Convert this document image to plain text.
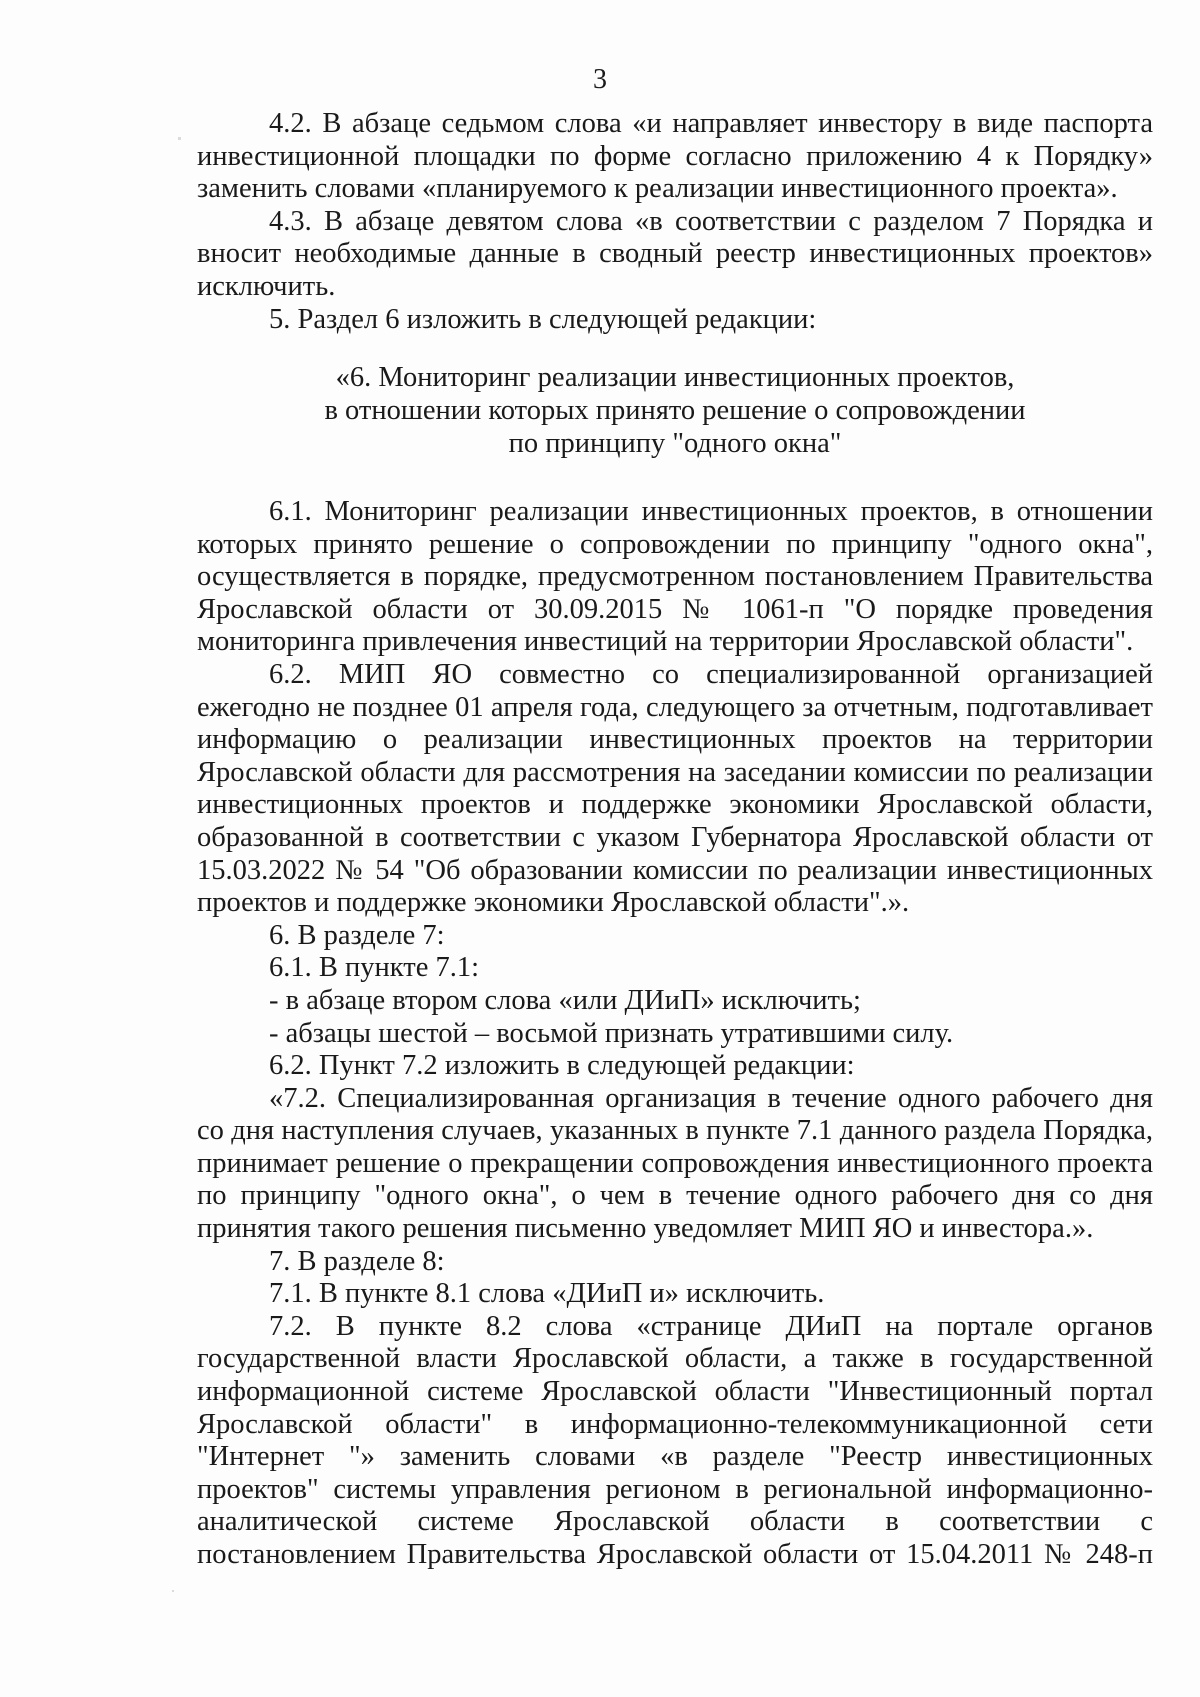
3

4.2. В абзаце седьмом слова «и направляет инвестору в виде паспорта инвестиционной площадки по форме согласно приложению 4 к Порядку» заменить словами «планируемого к реализации инвестиционного проекта».

4.3. В абзаце девятом слова «в соответствии с разделом 7 Порядка и вносит необходимые данные в сводный реестр инвестиционных проектов» исключить.

5. Раздел 6 изложить в следующей редакции:

«6. Мониторинг реализации инвестиционных проектов,
в отношении которых принято решение о сопровождении
по принципу "одного окна"

6.1. Мониторинг реализации инвестиционных проектов, в отношении которых принято решение о сопровождении по принципу "одного окна", осуществляется в порядке, предусмотренном постановлением Правительства Ярославской области от 30.09.2015 № 1061-п "О порядке проведения мониторинга привлечения инвестиций на территории Ярославской области".

6.2. МИП ЯО совместно со специализированной организацией ежегодно не позднее 01 апреля года, следующего за отчетным, подготавливает информацию о реализации инвестиционных проектов на территории Ярославской области для рассмотрения на заседании комиссии по реализации инвестиционных проектов и поддержке экономики Ярославской области, образованной в соответствии с указом Губернатора Ярославской области от 15.03.2022 № 54 "Об образовании комиссии по реализации инвестиционных проектов и поддержке экономики Ярославской области".».

6. В разделе 7:

6.1. В пункте 7.1:

- в абзаце втором слова «или ДИиП» исключить;

- абзацы шестой – восьмой признать утратившими силу.

6.2. Пункт 7.2 изложить в следующей редакции:

«7.2. Специализированная организация в течение одного рабочего дня со дня наступления случаев, указанных в пункте 7.1 данного раздела Порядка, принимает решение о прекращении сопровождения инвестиционного проекта по принципу "одного окна", о чем в течение одного рабочего дня со дня принятия такого решения письменно уведомляет МИП ЯО и инвестора.».

7. В разделе 8:

7.1. В пункте 8.1 слова «ДИиП и» исключить.

7.2. В пункте 8.2 слова «странице ДИиП на портале органов государственной власти Ярославской области, а также в государственной информационной системе Ярославской области "Инвестиционный портал Ярославской области" в информационно-телекоммуникационной сети "Интернет "» заменить словами «в разделе "Реестр инвестиционных проектов" системы управления регионом в региональной информационно-аналитической системе Ярославской области в соответствии с постановлением Правительства Ярославской области от 15.04.2011 № 248-п
